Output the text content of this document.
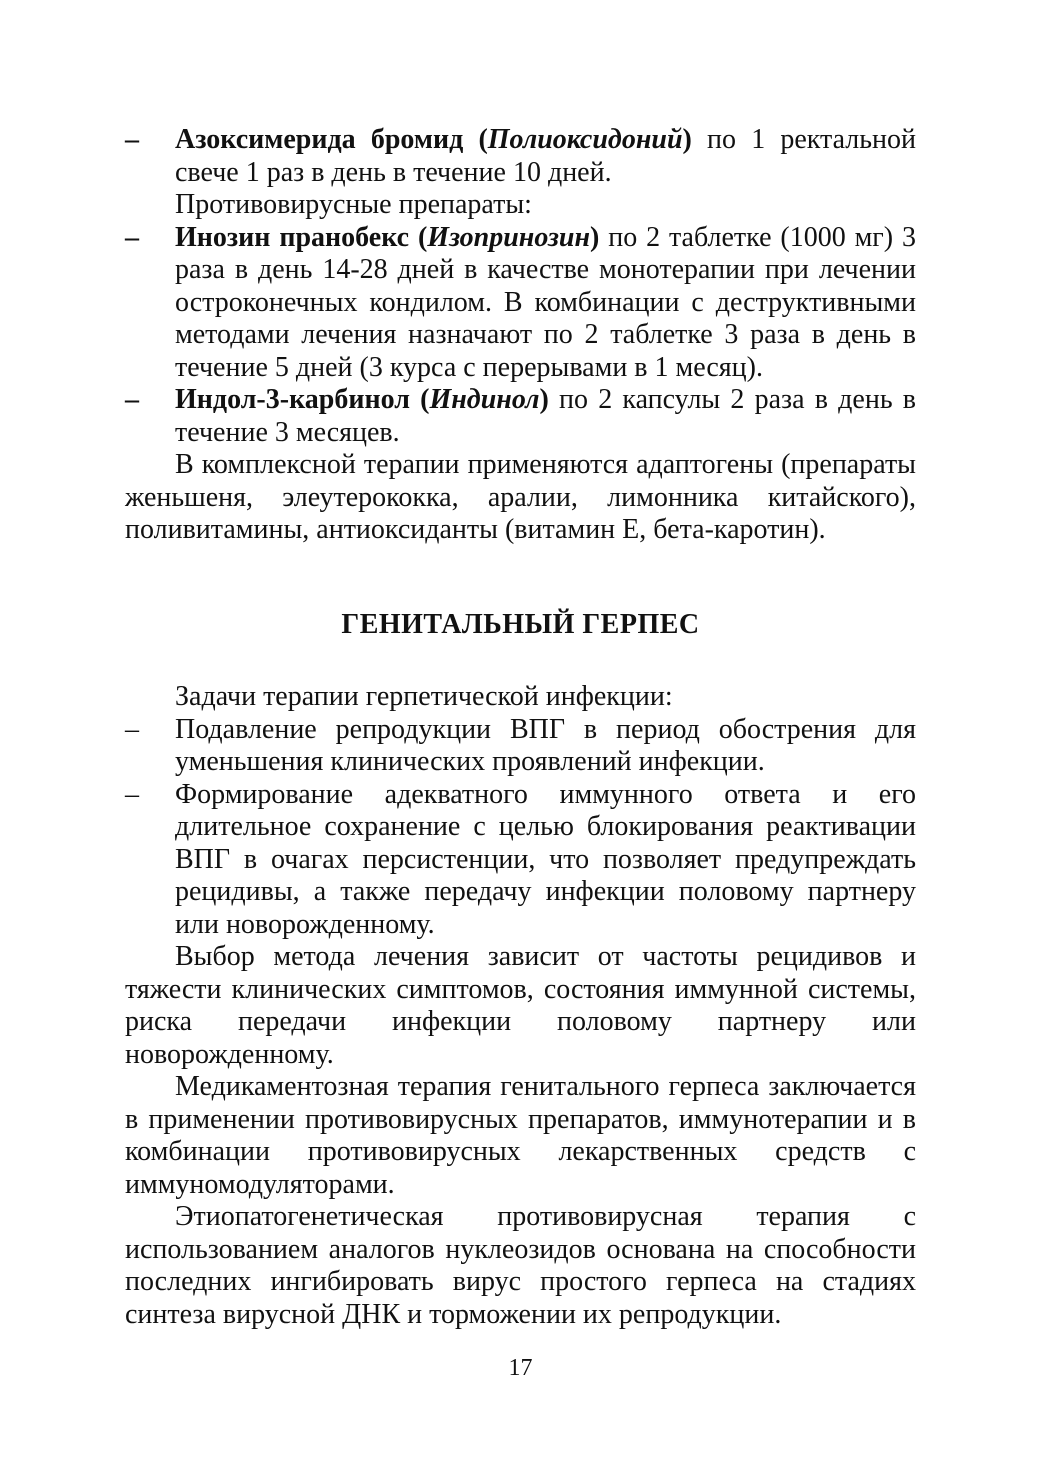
– Азоксимерида бромид (Полиоксидоний) по 1 ректальной свече 1 раз в день в течение 10 дней.
Противовирусные препараты:
– Инозин пранобекс (Изопринозин) по 2 таблетке (1000 мг) 3 раза в день 14-28 дней в качестве монотерапии при лечении остроконечных кондилом. В комбинации с деструктивными методами лечения назначают по 2 таблетке 3 раза в день в течение 5 дней (3 курса с перерывами в 1 месяц).
– Индол-3-карбинол (Индинол) по 2 капсулы 2 раза в день в течение 3 месяцев.
В комплексной терапии применяются адаптогены (препараты женьшеня, элеутерококка, аралии, лимонника китайского), поливитамины, антиоксиданты (витамин Е, бета-каротин).
ГЕНИТАЛЬНЫЙ ГЕРПЕС
Задачи терапии герпетической инфекции:
– Подавление репродукции ВПГ в период обострения для уменьшения клинических проявлений инфекции.
– Формирование адекватного иммунного ответа и его длительное сохранение с целью блокирования реактивации ВПГ в очагах персистенции, что позволяет предупреждать рецидивы, а также передачу инфекции половому партнеру или новорожденному.
Выбор метода лечения зависит от частоты рецидивов и тяжести клинических симптомов, состояния иммунной системы, риска передачи инфекции половому партнеру или новорожденному.
Медикаментозная терапия генитального герпеса заключается в применении противовирусных препаратов, иммунотерапии и в комбинации противовирусных лекарственных средств с иммуномодуляторами.
Этиопатогенетическая противовирусная терапия с использованием аналогов нуклеозидов основана на способности последних ингибировать вирус простого герпеса на стадиях синтеза вирусной ДНК и торможении их репродукции.
17
